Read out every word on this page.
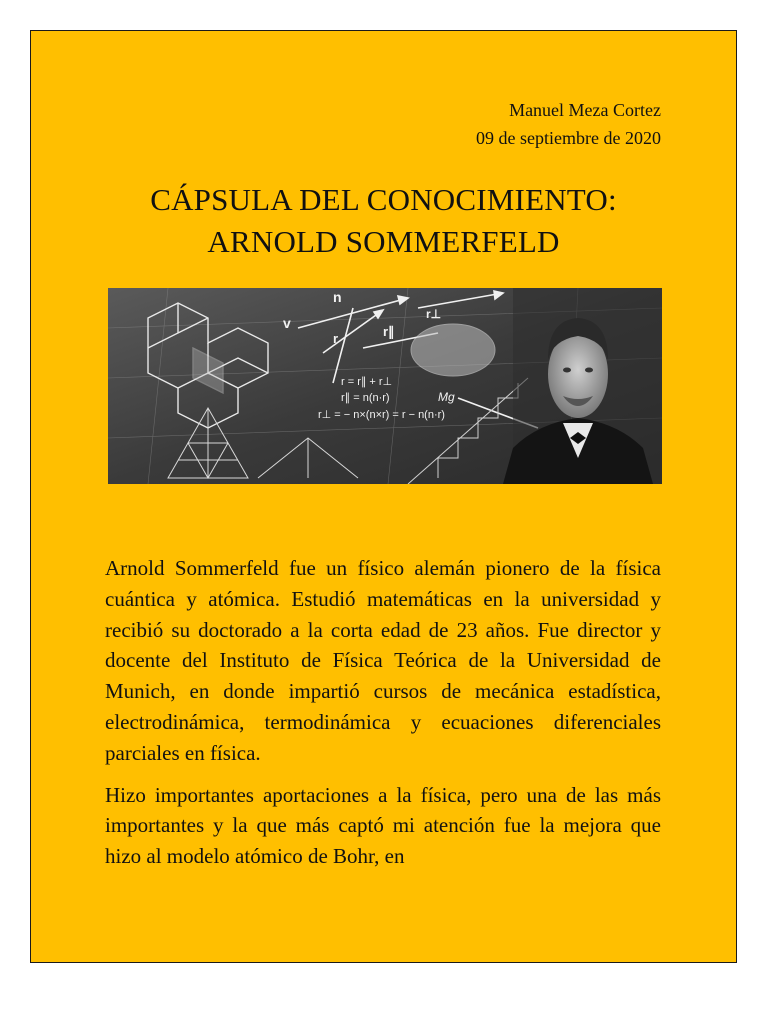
Manuel Meza Cortez
09 de septiembre de 2020
CÁPSULA DEL CONOCIMIENTO:
ARNOLD SOMMERFELD
v
n
r	r∥
r⊥
r = r∥ + r⊥
r∥ = n(n·r)	Mg
r⊥ = − n×(n×r) = r − n(n·r)

Arnold Sommerfeld fue un físico alemán pionero de la física cuántica y atómica. Estudió matemáticas en la universidad y recibió su doctorado a la corta edad de 23 años. Fue director y docente del Instituto de Física Teórica de la Universidad de Munich, en donde impartió cursos de mecánica estadística, electrodinámica, termodinámica y ecuaciones diferenciales parciales en física.

Hizo importantes aportaciones a la física, pero una de las más importantes y la que más captó mi atención fue la mejora que hizo al modelo atómico de Bohr, en
